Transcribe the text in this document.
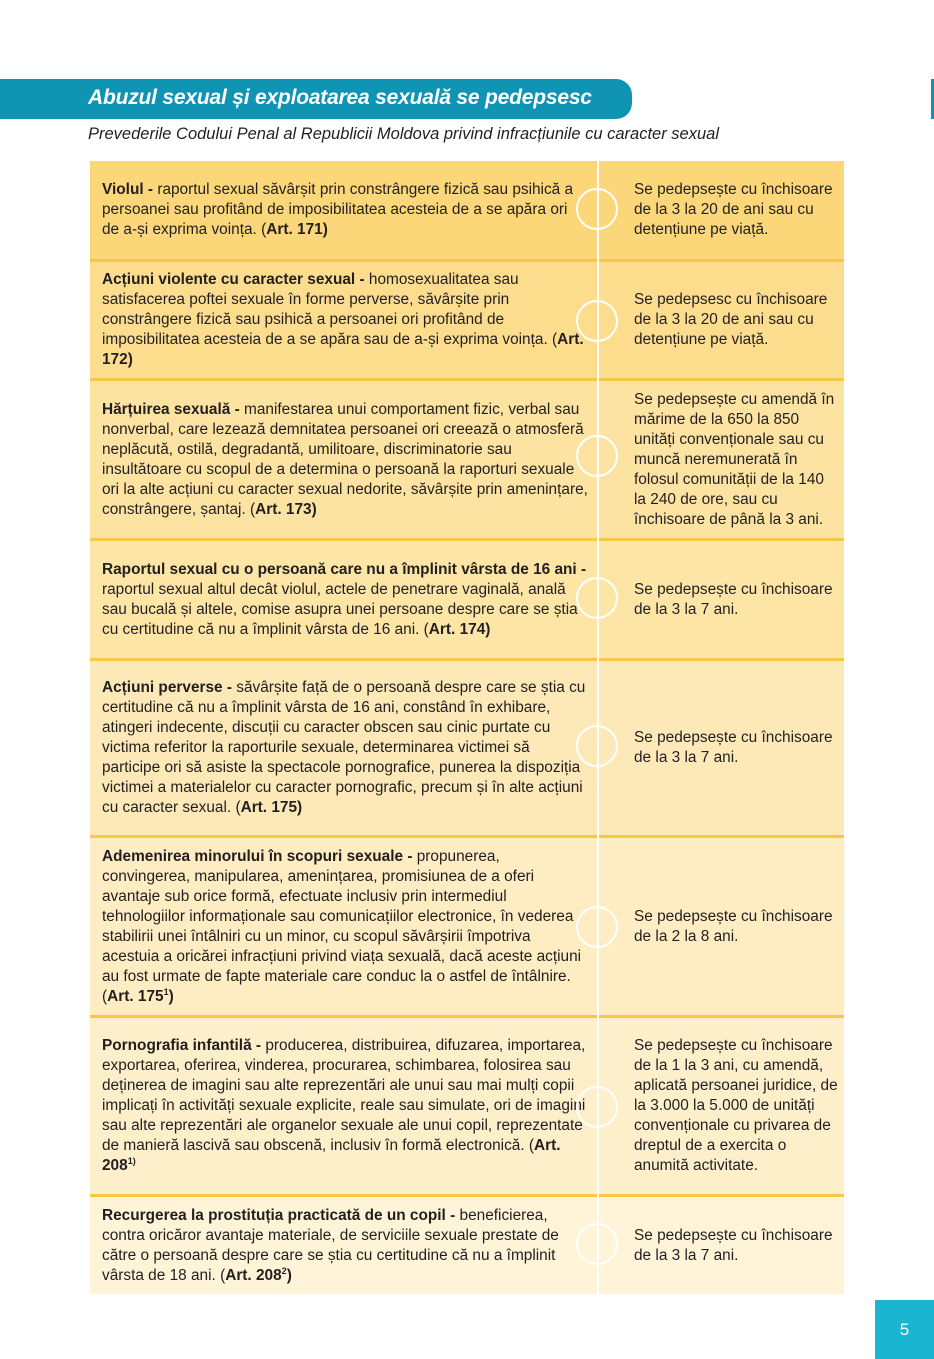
Abuzul sexual și exploatarea sexuală se pedepsesc

Prevederile Codului Penal al Republicii Moldova privind infracțiunile cu caracter sexual

Violul - raportul sexual săvârșit prin constrângere fizică sau psihică a persoanei sau profitând de imposibilitatea acesteia de a se apăra ori de a-și exprima voința. (Art. 171)

Se pedepsește cu închisoare de la 3 la 20 de ani sau cu detențiune pe viață.

Acțiuni violente cu caracter sexual - homosexualitatea sau satisfacerea poftei sexuale în forme perverse, săvârșite prin constrângere fizică sau psihică a persoanei ori profitând de imposibilitatea acesteia de a se apăra sau de a-și exprima voința. (Art. 172)

Se pedepsesc cu închisoare de la 3 la 20 de ani sau cu detențiune pe viață.

Hărțuirea sexuală - manifestarea unui comportament fizic, verbal sau nonverbal, care lezează demnitatea persoanei ori creează o atmosferă neplăcută, ostilă, degradantă, umilitoare, discriminatorie sau insultătoare cu scopul de a determina o persoană la raporturi sexuale ori la alte acțiuni cu caracter sexual nedorite, săvârșite prin amenințare, constrângere, șantaj. (Art. 173)

Se pedepsește cu amendă în mărime de la 650 la 850 unități convenționale sau cu muncă neremunerată în folosul comunității de la 140 la 240 de ore, sau cu închisoare de până la 3 ani.

Raportul sexual cu o persoană care nu a împlinit vârsta de 16 ani - raportul sexual altul decât violul, actele de penetrare vaginală, anală sau bucală și altele, comise asupra unei persoane despre care se știa cu certitudine că nu a împlinit vârsta de 16 ani. (Art. 174)

Se pedepsește cu închisoare de la 3 la 7 ani.

Acțiuni perverse - săvârșite față de o persoană despre care se știa cu certitudine că nu a împlinit vârsta de 16 ani, constând în exhibare, atingeri indecente, discuții cu caracter obscen sau cinic purtate cu victima referitor la raporturile sexuale, determinarea victimei să participe ori să asiste la spectacole pornografice, punerea la dispoziția victimei a materialelor cu caracter pornografic, precum și în alte acțiuni cu caracter sexual. (Art. 175)

Se pedepsește cu închisoare de la 3 la 7 ani.

Ademenirea minorului în scopuri sexuale - propunerea, convingerea, manipularea, amenințarea, promisiunea de a oferi avantaje sub orice formă, efectuate inclusiv prin intermediul tehnologiilor informaționale sau comunicațiilor electronice, în vederea stabilirii unei întâlniri cu un minor, cu scopul săvârșirii împotriva acestuia a oricărei infracțiuni privind viața sexuală, dacă aceste acțiuni au fost urmate de fapte materiale care conduc la o astfel de întâlnire. (Art. $175^1$)

Se pedepsește cu închisoare de la 2 la 8 ani.

Pornografia infantilă - producerea, distribuirea, difuzarea, importarea, exportarea, oferirea, vinderea, procurarea, schimbarea, folosirea sau deținerea de imagini sau alte reprezentări ale unui sau mai mulți copii implicați în activități sexuale explicite, reale sau simulate, ori de imagini sau alte reprezentări ale organelor sexuale ale unui copil, reprezentate de manieră lascivă sau obscenă, inclusiv în formă electronică. (Art. 208$^{1)}$

Se pedepsește cu închisoare de la 1 la 3 ani, cu amendă, aplicată persoanei juridice, de la 3.000 la 5.000 de unități convenționale cu privarea de dreptul de a exercita o anumită activitate.

Recurgerea la prostituția practicată de un copil - beneficierea, contra oricăror avantaje materiale, de serviciile sexuale prestate de către o persoană despre care se știa cu certitudine că nu a împlinit vârsta de 18 ani. (Art. $208^2$)

Se pedepsește cu închisoare de la 3 la 7 ani.

5
